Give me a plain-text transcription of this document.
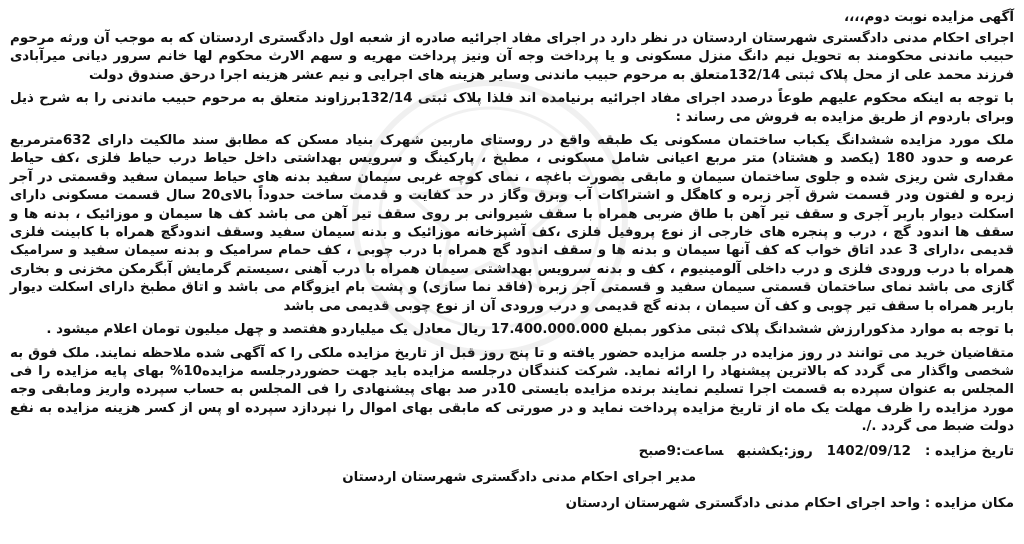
آگهی مزایده نوبت دوم،،،،

اجرای احکام مدنی دادگستری شهرستان اردستان در نظر دارد در اجرای مفاد اجرائیه صادره از شعبه اول دادگستری اردستان که به موجب آن ورثه مرحوم حبیب ماندنی محکومند به تحویل نیم دانگ منزل مسکونی و یا پرداخت وجه آن ونیز پرداخت مهریه و سهم الارث محکوم لها خانم سرور دیانی میرآبادی فرزند محمد علی از محل پلاک ثبتی 132/14متعلق به مرحوم حبیب ماندنی وسایر هزینه های اجرایی و نیم عشر هزینه اجرا درحق صندوق دولت

با توجه به اینکه محکوم علیهم طوعاً درصدد اجرای مفاد اجرائیه برنیامده اند فلذا پلاک ثبتی 132/14برزاوند متعلق به مرحوم حبیب ماندنی را به شرح ذیل وبرای باردوم از طریق مزایده به فروش می رساند :

ملک مورد مزایده ششدانگ یکباب ساختمان مسکونی یک طبقه واقع در روستای ماربین شهرک بنیاد مسکن که مطابق سند مالکیت دارای 632مترمربع عرصه و حدود 180 (یکصد و هشتاد) متر مربع اعیانی شامل مسکونی ، مطبخ ، پارکینگ و سرویس بهداشتی داخل حیاط درب حیاط فلزی ،کف حیاط مقداری شن ریزی شده و جلوی ساختمان سیمان و مابقی بصورت باغچه ، نمای کوچه غربی سیمان سفید بدنه های حیاط سیمان سفید وقسمتی در آجر زبره و لفتون ودر قسمت شرق آجر زبره و کاهگل و اشتراکات آب وبرق وگاز در حد کفایت و قدمت ساخت حدوداً بالای20 سال قسمت مسکونی دارای اسکلت دیوار باربر آجری و سقف تیر آهن با طاق ضربی همراه با سقف شیروانی بر روی سقف تیر آهن می باشد کف ها سیمان و موزائیک ، بدنه ها و سقف ها اندود گچ ، درب و پنجره های خارجی از نوع پروفیل فلزی ،کف آشپزخانه موزائیک و بدنه سیمان سفید وسقف اندودگچ همراه با کابینت فلزی قدیمی ،دارای 3 عدد اتاق خواب که کف آنها سیمان و بدنه ها و سقف اندود گچ همراه با درب چوبی ، کف حمام سرامیک و بدنه سیمان سفید و سرامیک همراه با درب ورودی فلزی و درب داخلی آلومینیوم ، کف و بدنه سرویس بهداشتی سیمان همراه با درب آهنی ،سیستم گرمایش آبگرمکن مخزنی و بخاری گازی می باشد نمای ساختمان قسمتی سیمان سفید و قسمتی آجر زبره (فاقد نما سازی) و پشت بام ایزوگام می باشد و اتاق مطبخ دارای اسکلت دیوار باربر همراه با سقف تیر چوبی و کف آن سیمان ، بدنه گچ قدیمی و درب ورودی آن از نوع چوبی قدیمی می باشد

با توجه به موارد مذکورارزش ششدانگ پلاک ثبتی مذکور بمبلغ 17.400.000.000 ریال معادل یک میلیاردو هفتصد و چهل میلیون تومان اعلام میشود .

متقاضیان خرید می توانند در روز مزایده در جلسه مزایده حضور یافته و تا پنج روز قبل از تاریخ مزایده ملکی را که آگهی شده ملاحظه نمایند. ملک فوق به شخصی واگذار می گردد که بالاترین پیشنهاد را ارائه نماید. شرکت کنندگان درجلسه مزایده باید جهت حضوردرجلسه مزایده10% بهای پایه مزایده را فی المجلس به عنوان سپرده به قسمت اجرا تسلیم نمایند برنده مزایده بایستی 10در صد بهای پیشنهادی را فی المجلس به حساب سپرده واریز ومابقی وجه مورد مزایده را ظرف مهلت یک ماه از تاریخ مزایده پرداخت نماید و در صورتی که مابقی بهای اموال را نپردازد سپرده او پس از کسر هزینه مزایده به نفع دولت ضبط می گردد ./.

تاریخ مزایده :1402/09/12روز:یکشنبهساعت:9صبح
مدیر اجرای احکام مدنی دادگستری شهرستان اردستان
مکان مزایده : واحد اجرای احکام مدنی دادگستری شهرستان اردستان
